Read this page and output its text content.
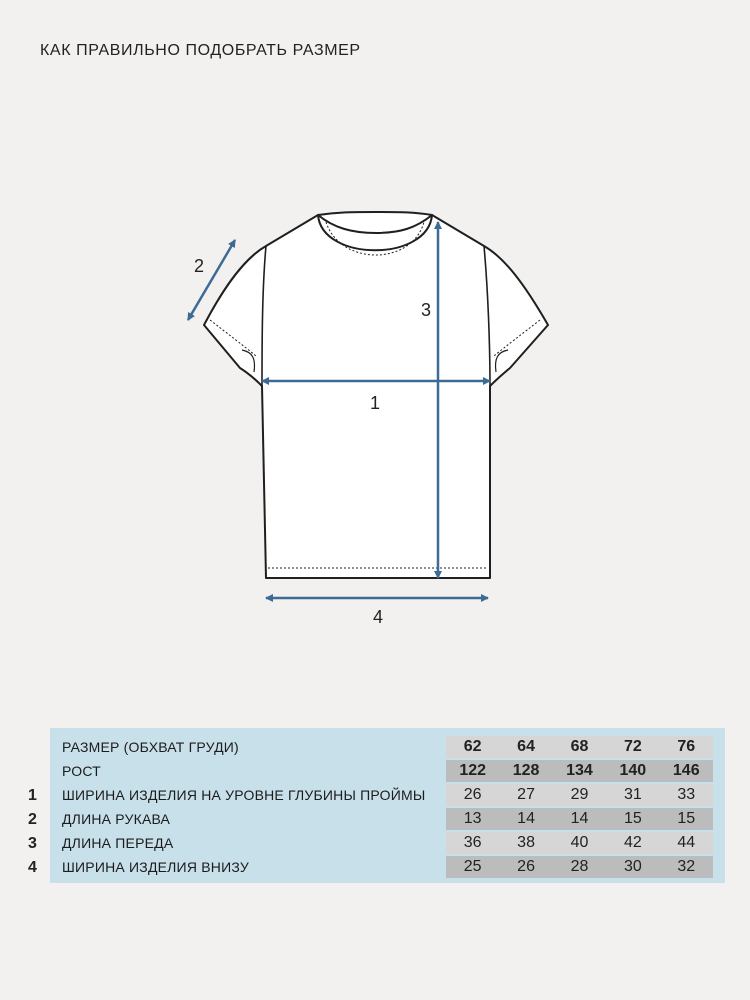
КАК ПРАВИЛЬНО ПОДОБРАТЬ РАЗМЕР
1
2
3
4
РАЗМЕР (ОБХВАТ ГРУДИ)	62	64	68	72	76
РОСТ	122	128	134	140	146
1	ШИРИНА ИЗДЕЛИЯ НА УРОВНЕ ГЛУБИНЫ ПРОЙМЫ	26	27	29	31	33
2	ДЛИНА РУКАВА	13	14	14	15	15
3	ДЛИНА ПЕРЕДА	36	38	40	42	44
4	ШИРИНА ИЗДЕЛИЯ ВНИЗУ	25	26	28	30	32
